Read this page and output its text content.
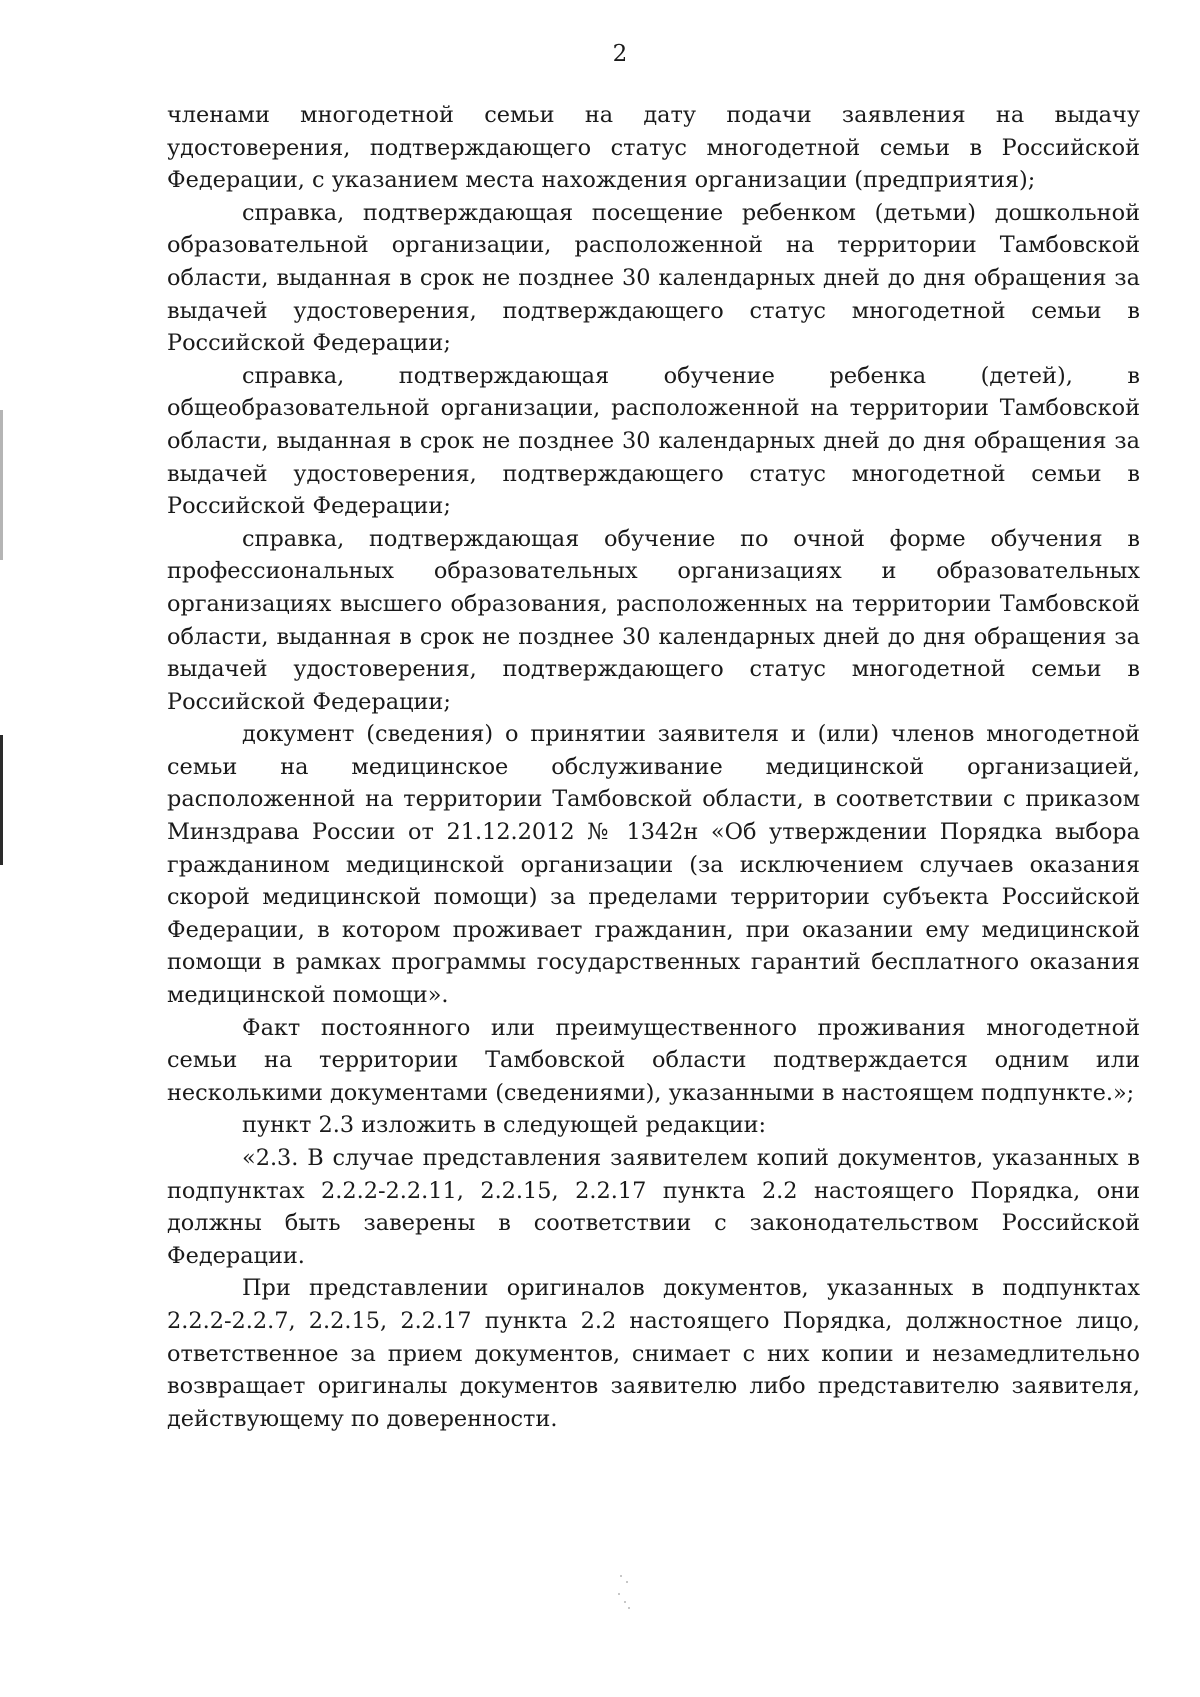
2

членами многодетной семьи на дату подачи заявления на выдачу удостоверения, подтверждающего статус многодетной семьи в Российской Федерации, с указанием места нахождения организации (предприятия);

справка, подтверждающая посещение ребенком (детьми) дошкольной образовательной организации, расположенной на территории Тамбовской области, выданная в срок не позднее 30 календарных дней до дня обращения за выдачей удостоверения, подтверждающего статус многодетной семьи в Российской Федерации;

справка, подтверждающая обучение ребенка (детей), в общеобразовательной организации, расположенной на территории Тамбовской области, выданная в срок не позднее 30 календарных дней до дня обращения за выдачей удостоверения, подтверждающего статус многодетной семьи в Российской Федерации;

справка, подтверждающая обучение по очной форме обучения в профессиональных образовательных организациях и образовательных организациях высшего образования, расположенных на территории Тамбовской области, выданная в срок не позднее 30 календарных дней до дня обращения за выдачей удостоверения, подтверждающего статус многодетной семьи в Российской Федерации;

документ (сведения) о принятии заявителя и (или) членов многодетной семьи на медицинское обслуживание медицинской организацией, расположенной на территории Тамбовской области, в соответствии с приказом Минздрава России от 21.12.2012 № 1342н «Об утверждении Порядка выбора гражданином медицинской организации (за исключением случаев оказания скорой медицинской помощи) за пределами территории субъекта Российской Федерации, в котором проживает гражданин, при оказании ему медицинской помощи в рамках программы государственных гарантий бесплатного оказания медицинской помощи».

Факт постоянного или преимущественного проживания многодетной семьи на территории Тамбовской области подтверждается одним или несколькими документами (сведениями), указанными в настоящем подпункте.»;

пункт 2.3 изложить в следующей редакции:

«2.3. В случае представления заявителем копий документов, указанных в подпунктах 2.2.2-2.2.11, 2.2.15, 2.2.17 пункта 2.2 настоящего Порядка, они должны быть заверены в соответствии с законодательством Российской Федерации.

При представлении оригиналов документов, указанных в подпунктах 2.2.2-2.2.7, 2.2.15, 2.2.17 пункта 2.2 настоящего Порядка, должностное лицо, ответственное за прием документов, снимает с них копии и незамедлительно возвращает оригиналы документов заявителю либо представителю заявителя, действующему по доверенности.
